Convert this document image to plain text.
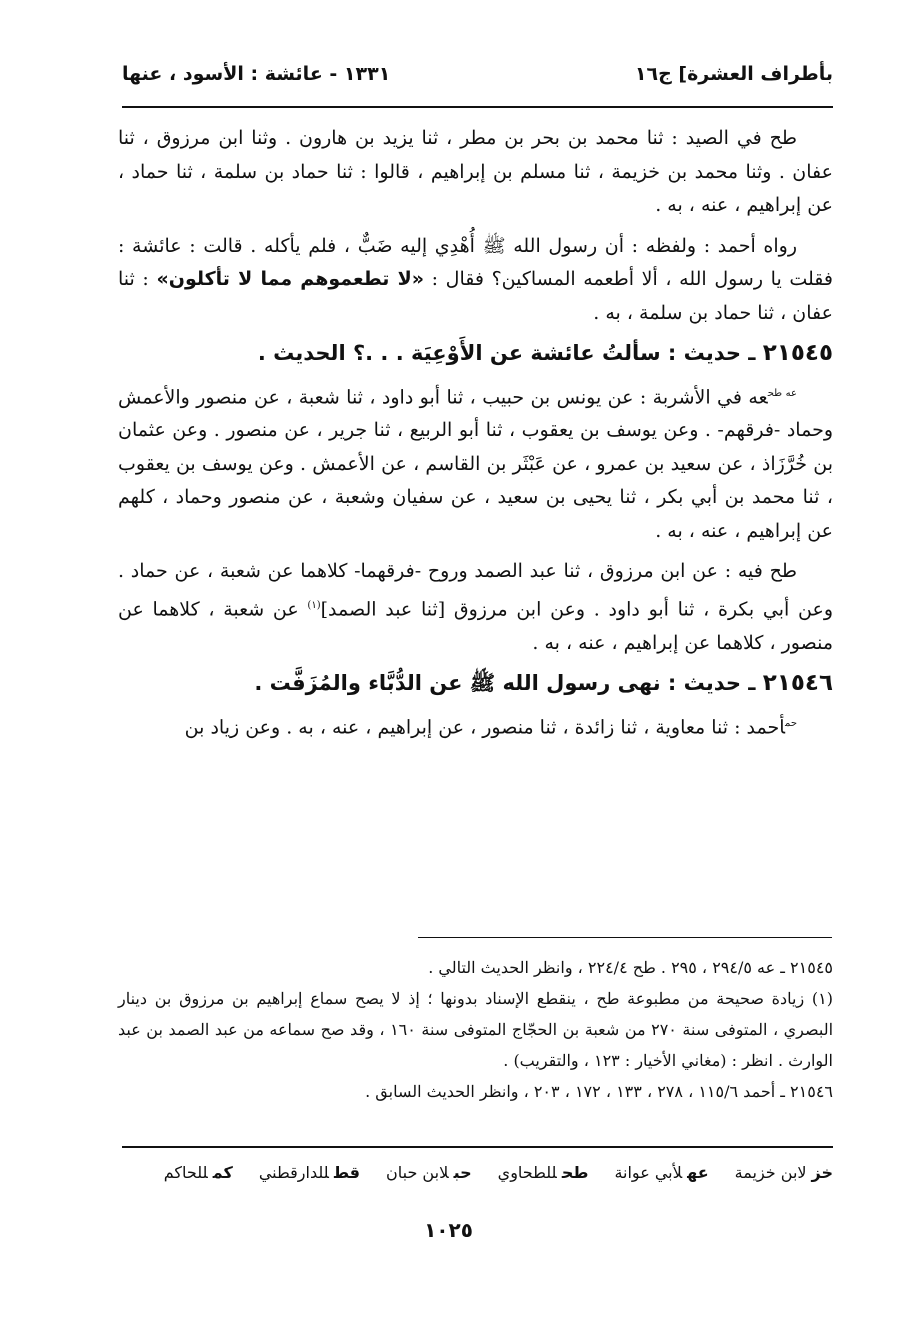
بأطراف العشرة] ج١٦
١٣٣١ - عائشة : الأسود ، عنها

طح في الصيد : ثنا محمد بن بحر بن مطر ، ثنا يزيد بن هارون . وثنا ابن مرزوق ، ثنا عفان . وثنا محمد بن خزيمة ، ثنا مسلم بن إبراهيم ، قالوا : ثنا حماد بن سلمة ، ثنا حماد ، عن إبراهيم ، عنه ، به .

رواه أحمد : ولفظه : أن رسول الله ﷺ أُهْدِي إليه ضَبٌّ ، فلم يأكله . قالت : عائشة : فقلت يا رسول الله ، ألا أطعمه المساكين؟ فقال : «لا تطعموهم مما لا تأكلون» : ثنا عفان ، ثنا حماد بن سلمة ، به .

٢١٥٤٥ ـ حديث : سألتُ عائشة عن الأَوْعِيَة . . .؟ الحديث .

$^{عه طح}$عه في الأشربة : عن يونس بن حبيب ، ثنا أبو داود ، ثنا شعبة ، عن منصور والأعمش وحماد -فرقهم- . وعن يوسف بن يعقوب ، ثنا أبو الربيع ، ثنا جرير ، عن منصور . وعن عثمان بن خُرَّزَاذ ، عن سعيد بن عمرو ، عن عَبْثَر بن القاسم ، عن الأعمش . وعن يوسف بن يعقوب ، ثنا محمد بن أبي بكر ، ثنا يحيى بن سعيد ، عن سفيان وشعبة ، عن منصور وحماد ، كلهم عن إبراهيم ، عنه ، به .

طح فيه : عن ابن مرزوق ، ثنا عبد الصمد وروح -فرقهما- كلاهما عن شعبة ، عن حماد . وعن أبي بكرة ، ثنا أبو داود . وعن ابن مرزوق [ثنا عبد الصمد]$^{(١)}$ عن شعبة ، كلاهما عن منصور ، كلاهما عن إبراهيم ، عنه ، به .

٢١٥٤٦ ـ حديث : نهى رسول الله ﷺ عن الدُّبَّاء والمُزَفَّت .

$^{حم}$أحمد : ثنا معاوية ، ثنا زائدة ، ثنا منصور ، عن إبراهيم ، عنه ، به . وعن زياد بن

٢١٥٤٥ ـ عه ٢٩٤/٥ ، ٢٩٥ . طح ٢٢٤/٤ ، وانظر الحديث التالي .

(١) زيادة صحيحة من مطبوعة طح ، ينقطع الإسناد بدونها ؛ إذ لا يصح سماع إبراهيم بن مرزوق بن دينار البصري ، المتوفى سنة ٢٧٠ من شعبة بن الحجّاج المتوفى سنة ١٦٠ ، وقد صح سماعه من عبد الصمد بن عبد الوارث . انظر : (مغاني الأخيار : ١٢٣ ، والتقريب) .

٢١٥٤٦ ـ أحمد ١١٥/٦ ، ٢٧٨ ، ١٣٣ ، ١٧٢ ، ٢٠٣ ، وانظر الحديث السابق .

خزلابن خزيمة
عهلأبي عوانة
طحللطحاوي
حبلابن حبان
قطللدارقطني
كمللحاكم
١٠٢٥
